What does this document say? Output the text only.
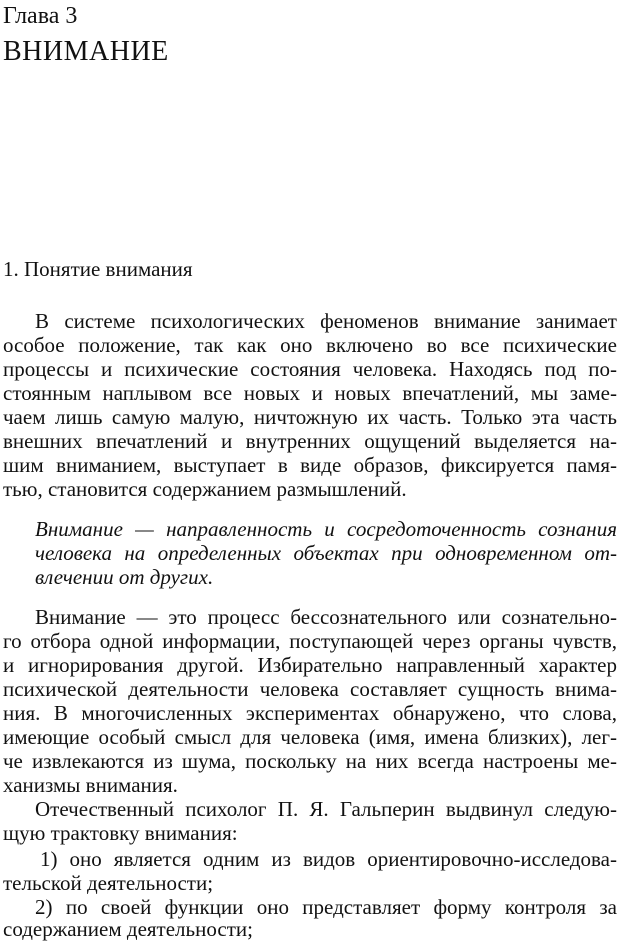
Глава 3
ВНИМАНИЕ
1. Понятие внимания
В системе психологических феноменов внимание занимает
особое положение, так как оно включено во все психические
процессы и психические состояния человека. Находясь под по-
стоянным наплывом все новых и новых впечатлений, мы заме-
чаем лишь самую малую, ничтожную их часть. Только эта часть
внешних впечатлений и внутренних ощущений выделяется на-
шим вниманием, выступает в виде образов, фиксируется памя-
тью, становится содержанием размышлений.
Внимание — направленность и сосредоточенность сознания
человека на определенных объектах при одновременном от-
влечении от других.
Внимание — это процесс бессознательного или сознательно-
го отбора одной информации, поступающей через органы чувств,
и игнорирования другой. Избирательно направленный характер
психической деятельности человека составляет сущность внима-
ния. В многочисленных экспериментах обнаружено, что слова,
имеющие особый смысл для человека (имя, имена близких), лег-
че извлекаются из шума, поскольку на них всегда настроены ме-
ханизмы внимания.
Отечественный психолог П. Я. Гальперин выдвинул следую-
щую трактовку внимания:
1) оно является одним из видов ориентировочно-исследова-
тельской деятельности;
2) по своей функции оно представляет форму контроля за
содержанием деятельности;
